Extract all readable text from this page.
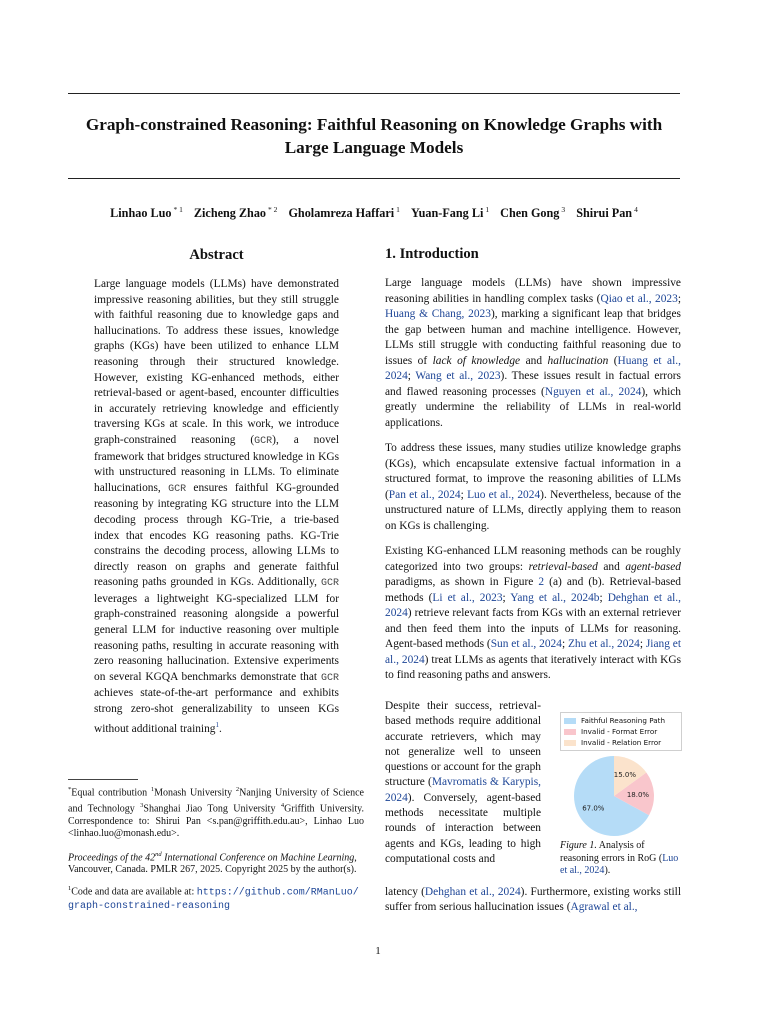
Graph-constrained Reasoning: Faithful Reasoning on Knowledge Graphs with
Large Language Models
Linhao Luo $^{* 1}$ Zicheng Zhao $^{* 2}$ Gholamreza Haffari $^1$ Yuan-Fang Li $^1$ Chen Gong $^3$ Shirui Pan $^4$
Abstract
Large language models (LLMs) have demonstrated impressive reasoning abilities, but they still struggle with faithful reasoning due to knowledge gaps and hallucinations. To address these issues, knowledge graphs (KGs) have been utilized to enhance LLM reasoning through their structured knowledge. However, existing KG-enhanced methods, either retrieval-based or agent-based, encounter difficulties in accurately retrieving knowledge and efficiently traversing KGs at scale. In this work, we introduce graph-constrained reasoning (GCR), a novel framework that bridges structured knowledge in KGs with unstructured reasoning in LLMs. To eliminate hallucinations, GCR ensures faithful KG-grounded reasoning by integrating KG structure into the LLM decoding process through KG-Trie, a trie-based index that encodes KG reasoning paths. KG-Trie constrains the decoding process, allowing LLMs to directly reason on graphs and generate faithful reasoning paths grounded in KGs. Additionally, GCR leverages a lightweight KG-specialized LLM for graph-constrained reasoning alongside a powerful general LLM for inductive reasoning over multiple reasoning paths, resulting in accurate reasoning with zero reasoning hallucination. Extensive experiments on several KGQA benchmarks demonstrate that GCR achieves state-of-the-art performance and exhibits strong zero-shot generalizability to unseen KGs without additional training$^1$.

*Equal contribution $^1$Monash University $^2$Nanjing University of Science and Technology $^3$Shanghai Jiao Tong University $^4$Griffith University. Correspondence to: Shirui Pan <s.pan@griffith.edu.au>, Linhao Luo <linhao.luo@monash.edu>.

Proceedings of the 42nd International Conference on Machine Learning, Vancouver, Canada. PMLR 267, 2025. Copyright 2025 by the author(s).

$^1$Code and data are available at: https://github.com/RManLuo/graph-constrained-reasoning

1. Introduction

Large language models (LLMs) have shown impressive reasoning abilities in handling complex tasks (Qiao et al., 2023; Huang & Chang, 2023), marking a significant leap that bridges the gap between human and machine intelligence. However, LLMs still struggle with conducting faithful reasoning due to issues of lack of knowledge and hallucination (Huang et al., 2024; Wang et al., 2023). These issues result in factual errors and flawed reasoning processes (Nguyen et al., 2024), which greatly undermine the reliability of LLMs in real-world applications.

To address these issues, many studies utilize knowledge graphs (KGs), which encapsulate extensive factual information in a structured format, to improve the reasoning abilities of LLMs (Pan et al., 2024; Luo et al., 2024). Nevertheless, because of the unstructured nature of LLMs, directly applying them to reason on KGs is challenging.

Existing KG-enhanced LLM reasoning methods can be roughly categorized into two groups: retrieval-based and agent-based paradigms, as shown in Figure 2 (a) and (b). Retrieval-based methods (Li et al., 2023; Yang et al., 2024b; Dehghan et al., 2024) retrieve relevant facts from KGs with an external retriever and then feed them into the inputs of LLMs for reasoning. Agent-based methods (Sun et al., 2024; Zhu et al., 2024; Jiang et al., 2024) treat LLMs as agents that iteratively interact with KGs to find reasoning paths and answers.

Despite their success, retrieval-based methods require additional accurate retrievers, which may not generalize well to unseen questions or account for the graph structure (Mavromatis & Karypis, 2024). Conversely, agent-based methods necessitate multiple rounds of interaction between agents and KGs, leading to high computational costs and

Faithful Reasoning Path
Invalid - Format Error
Invalid - Relation Error
67.0%
18.0%
15.0%
Figure 1. Analysis of reasoning errors in RoG (Luo et al., 2024).

latency (Dehghan et al., 2024). Furthermore, existing works still suffer from serious hallucination issues (Agrawal et al.,

1
